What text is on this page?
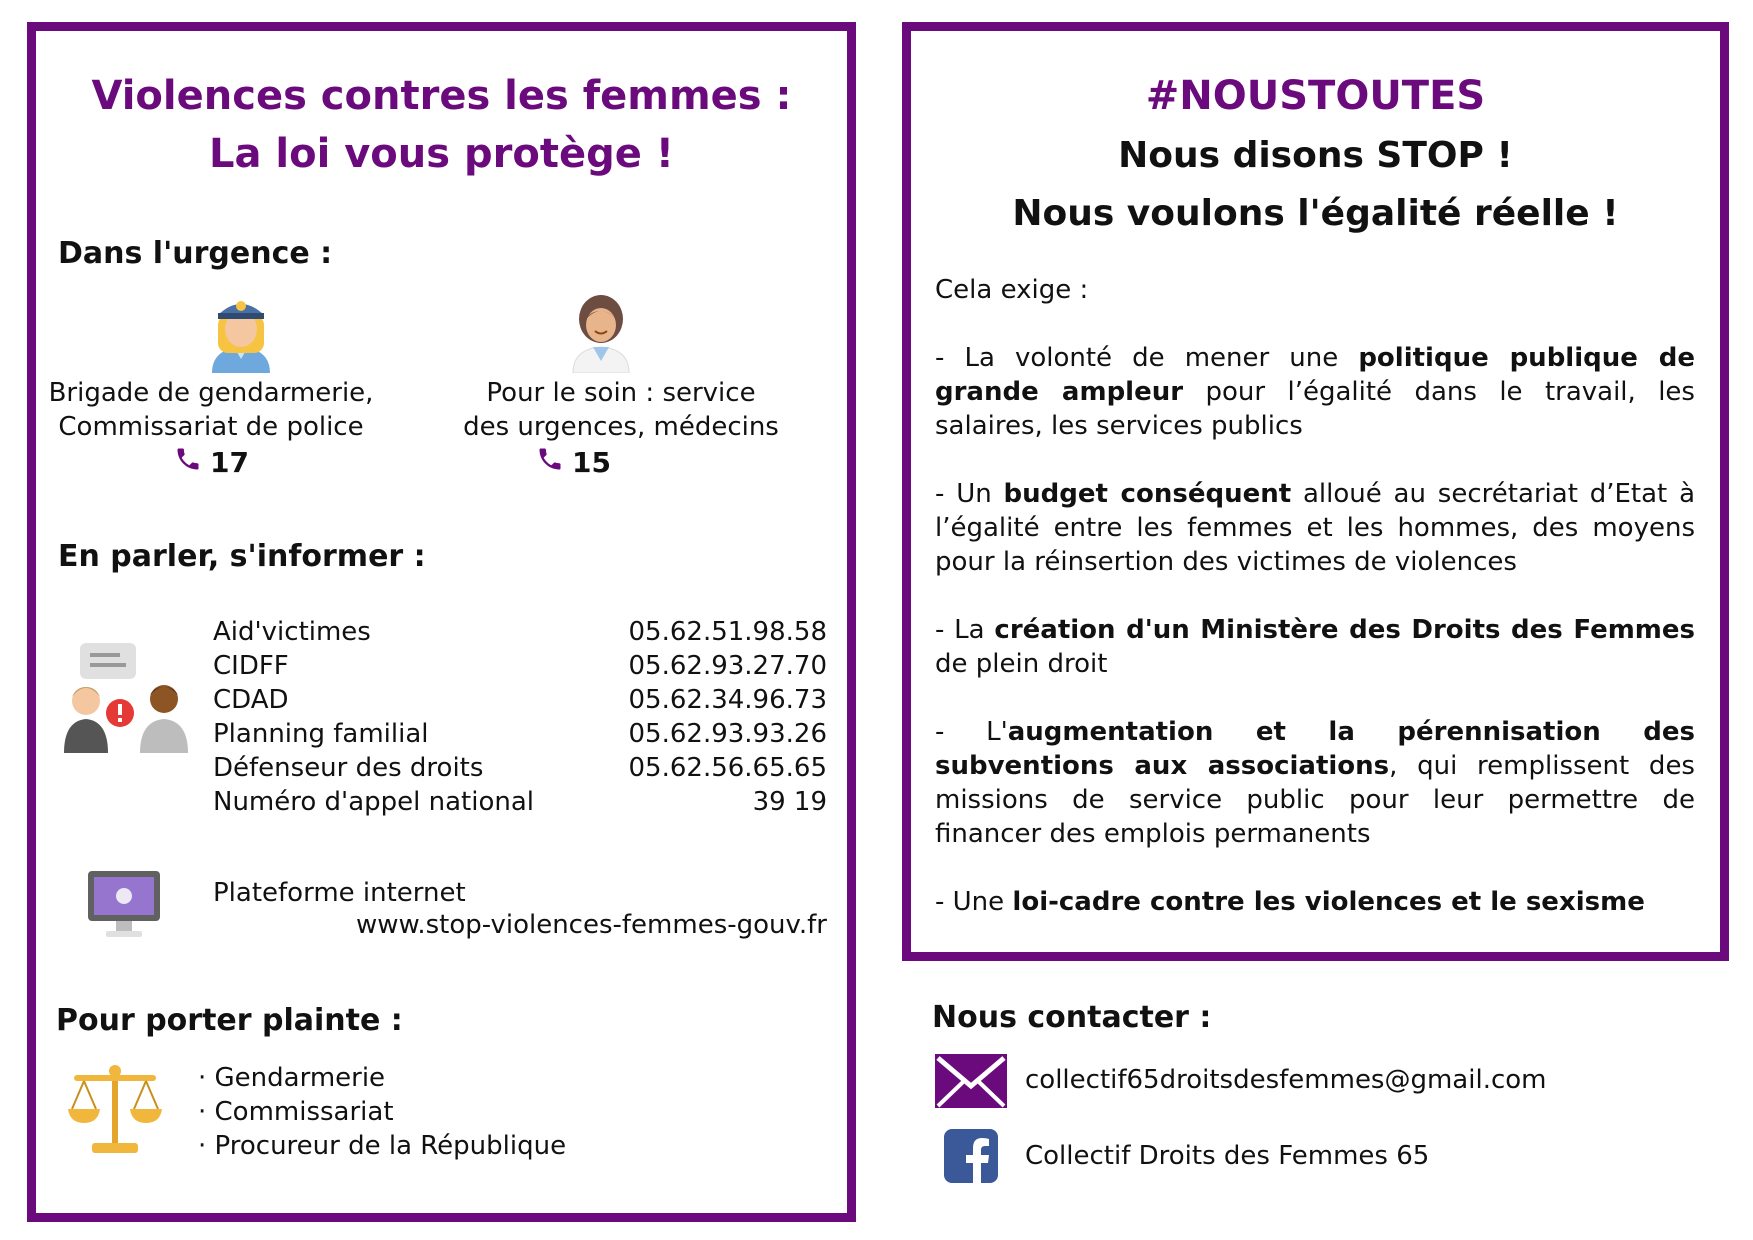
Violences contres les femmes :
La loi vous protège !
Dans l'urgence :
Brigade de gendarmerie,
Commissariat de police
17
Pour le soin : service
des urgences, médecins
15
En parler, s'informer :
Aid'victimes	05.62.51.98.58
CIDFF	05.62.93.27.70
CDAD	05.62.34.96.73
Planning familial	05.62.93.93.26
Défenseur des droits	05.62.56.65.65
Numéro d'appel national	39 19
Plateforme internet
www.stop-violences-femmes-gouv.fr
Pour porter plainte :
· Gendarmerie
· Commissariat
· Procureur de la République
#NOUSTOUTES
Nous disons STOP !
Nous voulons l'égalité réelle !
Cela exige :

- La volonté de mener une politique publique de grande ampleur pour l’égalité dans le travail, les salaires, les services publics

- Un budget conséquent alloué au secrétariat d’Etat à l’égalité entre les femmes et les hommes, des moyens pour la réinsertion des victimes de violences

- La création d'un Ministère des Droits des Femmes de plein droit

- L'augmentation et la pérennisation des subventions aux associations, qui remplissent des missions de service public pour leur permettre de financer des emplois permanents

- Une loi-cadre contre les violences et le sexisme

Nous contacter :
collectif65droitsdesfemmes@gmail.com
Collectif Droits des Femmes 65
